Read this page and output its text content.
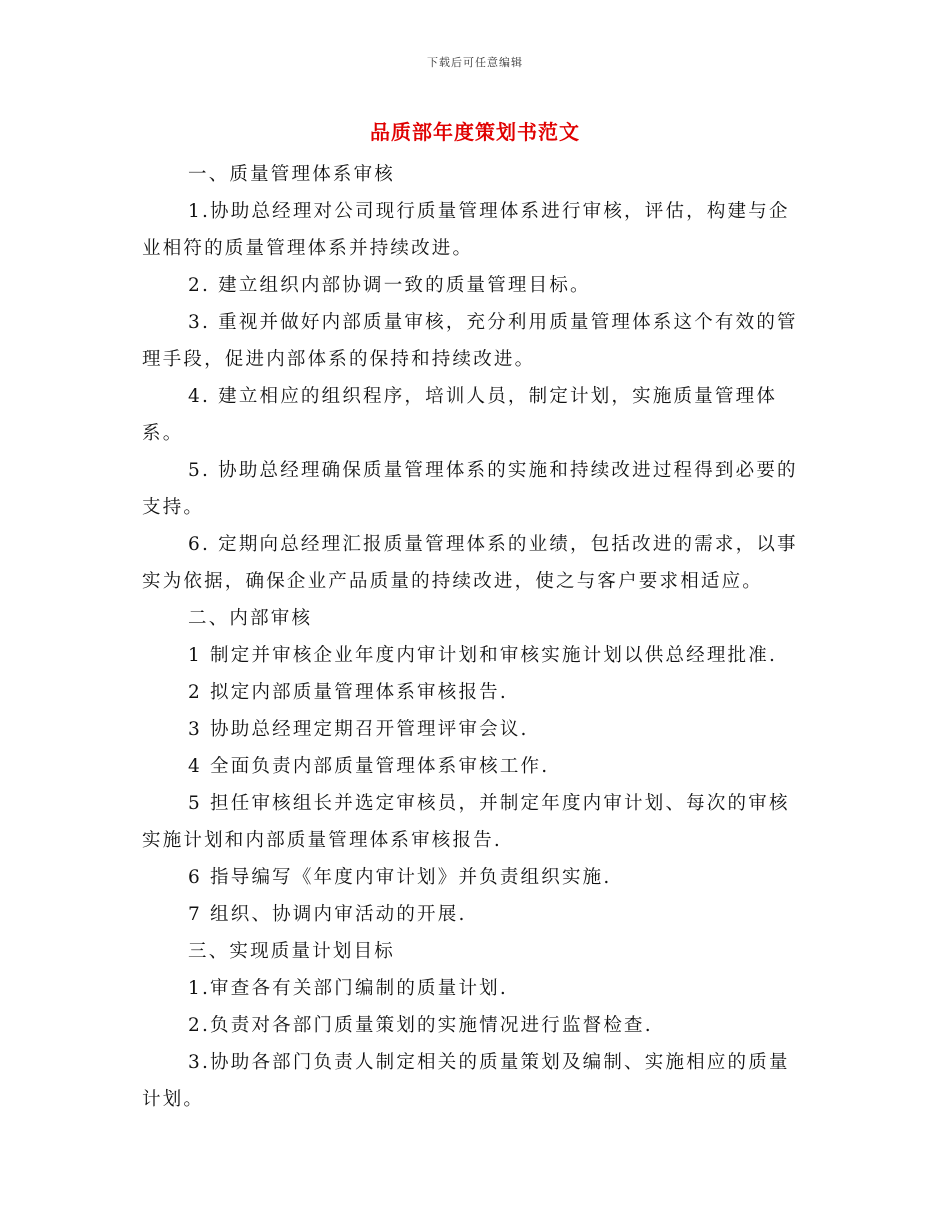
下载后可任意编辑
品质部年度策划书范文

一、质量管理体系审核

1.协助总经理对公司现行质量管理体系进行审核，评估，构建与企业相符的质量管理体系并持续改进。

2. 建立组织内部协调一致的质量管理目标。

3. 重视并做好内部质量审核，充分利用质量管理体系这个有效的管理手段，促进内部体系的保持和持续改进。

4. 建立相应的组织程序，培训人员，制定计划，实施质量管理体系。

5. 协助总经理确保质量管理体系的实施和持续改进过程得到必要的支持。

6. 定期向总经理汇报质量管理体系的业绩，包括改进的需求，以事实为依据，确保企业产品质量的持续改进，使之与客户要求相适应。

二、内部审核

1 制定并审核企业年度内审计划和审核实施计划以供总经理批准.

2 拟定内部质量管理体系审核报告.

3 协助总经理定期召开管理评审会议.

4 全面负责内部质量管理体系审核工作.

5 担任审核组长并选定审核员，并制定年度内审计划、每次的审核实施计划和内部质量管理体系审核报告.

6 指导编写《年度内审计划》并负责组织实施.

7 组织、协调内审活动的开展.

三、实现质量计划目标

1.审查各有关部门编制的质量计划.

2.负责对各部门质量策划的实施情况进行监督检查.

3.协助各部门负责人制定相关的质量策划及编制、实施相应的质量计划。
